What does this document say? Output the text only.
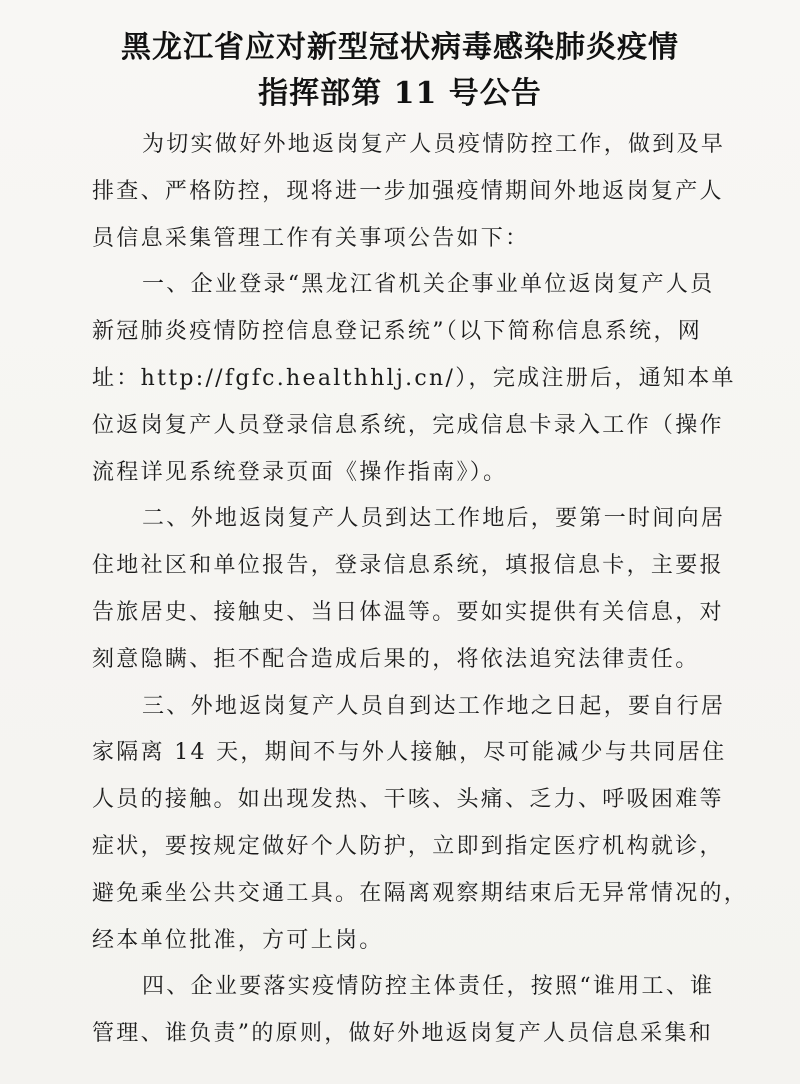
黑龙江省应对新型冠状病毒感染肺炎疫情
指挥部第 11 号公告
为切实做好外地返岗复产人员疫情防控工作，做到及早
排查、严格防控，现将进一步加强疫情期间外地返岗复产人
员信息采集管理工作有关事项公告如下：
一、企业登录“黑龙江省机关企事业单位返岗复产人员
新冠肺炎疫情防控信息登记系统”（以下简称信息系统，网
址：http://fgfc.healthhlj.cn/），完成注册后，通知本单
位返岗复产人员登录信息系统，完成信息卡录入工作（操作
流程详见系统登录页面《操作指南》）。
二、外地返岗复产人员到达工作地后，要第一时间向居
住地社区和单位报告，登录信息系统，填报信息卡，主要报
告旅居史、接触史、当日体温等。要如实提供有关信息，对
刻意隐瞒、拒不配合造成后果的，将依法追究法律责任。
三、外地返岗复产人员自到达工作地之日起，要自行居
家隔离 14 天，期间不与外人接触，尽可能减少与共同居住
人员的接触。如出现发热、干咳、头痛、乏力、呼吸困难等
症状，要按规定做好个人防护，立即到指定医疗机构就诊，
避免乘坐公共交通工具。在隔离观察期结束后无异常情况的，
经本单位批准，方可上岗。
四、企业要落实疫情防控主体责任，按照“谁用工、谁
管理、谁负责”的原则，做好外地返岗复产人员信息采集和
